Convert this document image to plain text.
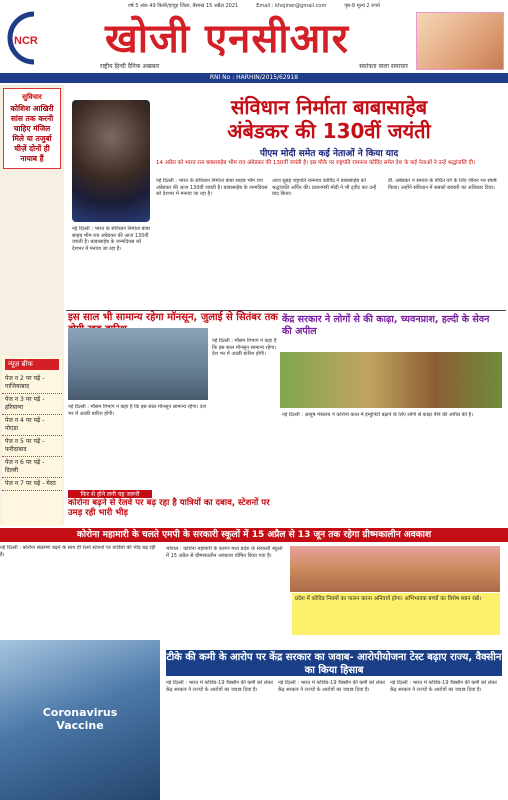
वर्ष 5 अंक 49 किसी/हापुड़ जिला, बैसाख 15 अप्रैल 2021	Email : khojiner@gmail.com	पृष्ठ-8 मूल्य 2 रुपये
NCR	खोजी एनसीआर
राष्ट्रीय हिन्दी दैनिक अखबार	स्वतंत्रता वाला समाचार
RNI No : HARHIN/2015/62918
सुविचार

कोशिश आखिरी सांस तक करनी चाहिए मंजिल मिले या तजुर्बा चीज़ें दोनों ही नायाब हैं

न्यूज़ ब्रीफ
पेज न 2 पर पढ़ें - गाजियाबाद
पेज न 3 पर पढ़ें - हरियाणा
पेज न 4 पर पढ़ें - नोएडा
पेज न 5 पर पढ़ें - फरीदाबाद
पेज न 6 पर पढ़ें - दिल्ली
पेज न 7 पर पढ़ें - मेरठ
संविधान निर्माता बाबासाहेब
अंबेडकर की 130वीं जयंती
पीएम मोदी समेत कई नेताओं ने किया याद
14 अप्रैल को भारत रत्न बाबासाहेब भीम राव अंबेडकर की 130वीं जयंती है। इस मौके पर राष्ट्रपति रामनाथ कोविंद समेत देश के कई नेताओं ने उन्हें श्रद्धांजलि दी।
नई दिल्ली : भारत के संविधान निर्माता बाबा साहब भीम राव अंबेडकर की आज 130वीं जयंती है। बाबासाहेब के जन्मदिवस को देशभर में मनाया जा रहा है।
आज सुबह राष्ट्रपति रामनाथ कोविंद ने बाबासाहेब को श्रद्धांजलि अर्पित की। प्रधानमंत्री मोदी ने भी ट्वीट कर उन्हें याद किया।
डॉ. अंबेडकर ने समाज के वंचित वर्ग के लिए जीवन भर संघर्ष किया। उन्होंने संविधान में सबको बराबरी का अधिकार दिया।
नई दिल्ली : भारत के संविधान निर्माता बाबा साहब भीम राव अंबेडकर की आज 130वीं जयंती है। बाबासाहेब के जन्मदिवस को देशभर में मनाया जा रहा है।
इस साल भी सामान्य रहेगा मॉनसून, जुलाई से सितंबर तक
नई दिल्ली : मौसम विभाग ने कहा है कि इस साल मॉनसून सामान्य रहेगा। देश भर में अच्छी बारिश होगी।
नई दिल्ली : मौसम विभाग ने कहा है कि इस साल मॉनसून सामान्य रहेगा। देश भर में अच्छी बारिश होगी।
केंद्र सरकार ने लोगों से की काढ़ा, च्यवनप्राश, हल्दी के सेवन की अपील
नई दिल्ली : आयुष मंत्रालय ने कोरोना काल में इम्युनिटी बढ़ाने के लिए लोगों से काढ़ा पीने की अपील की है।
फिर से होने लगी यह जरूरी
कोरोना बढ़ने से रेलवे पर बढ़ रहा है यात्रियों का दबाव, स्टेशनों पर उमड़ रही भारी भीड़
नई दिल्ली : कोरोना संक्रमण बढ़ने के साथ ही रेलवे स्टेशनों पर यात्रियों की भीड़ बढ़ रही है।
कोरोना महामारी के चलते एमपी के सरकारी स्कूलों में 15 अप्रैल से 13 जून तक रहेगा ग्रीष्मकालीन अवकाश
भोपाल : कोरोना महामारी के कारण मध्य प्रदेश के सरकारी स्कूलों में 15 अप्रैल से ग्रीष्मकालीन अवकाश घोषित किया गया है।
प्रदेश में कोविड नियमों का पालन करना अनिवार्य होगा। अभिभावक बच्चों का विशेष ध्यान रखें।
Coronavirus Vaccine
टीके की कमी के आरोप पर केंद्र सरकार का जवाब- आरोपीयोजना टेस्ट बढ़ाए राज्य, वैक्सीन का किया हिसाब
नई दिल्ली : भारत में कोविड-19 वैक्सीन की कमी को लेकर केंद्र सरकार ने राज्यों के आरोपों का जवाब दिया है।
नई दिल्ली : भारत में कोविड-19 वैक्सीन की कमी को लेकर केंद्र सरकार ने राज्यों के आरोपों का जवाब दिया है।
नई दिल्ली : भारत में कोविड-19 वैक्सीन की कमी को लेकर केंद्र सरकार ने राज्यों के आरोपों का जवाब दिया है।
